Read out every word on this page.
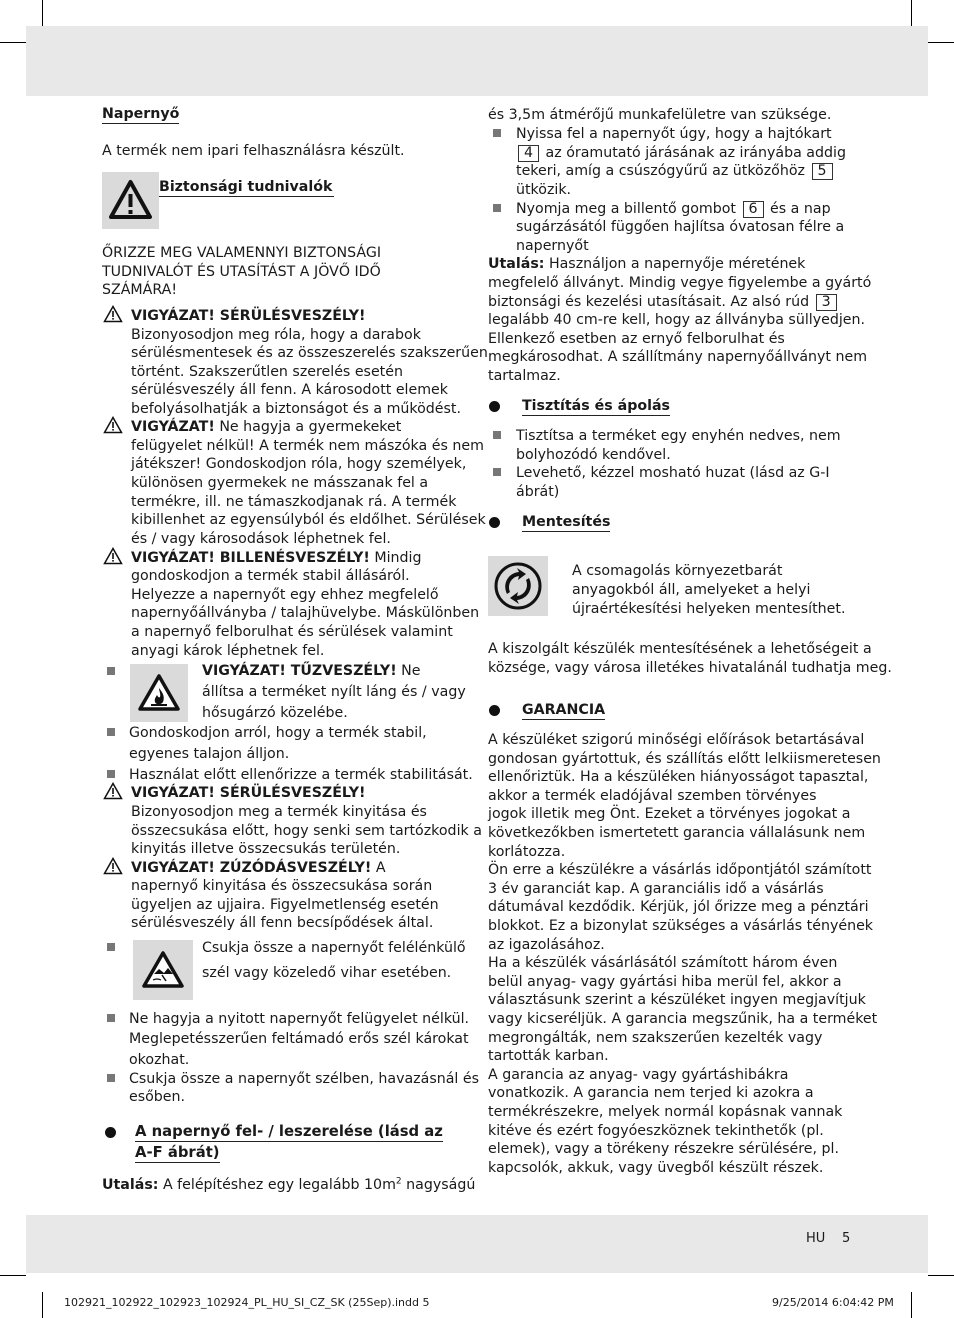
Napernyő
A termék nem ipari felhasználásra készült.
Biztonsági tudnivalók
ŐRIZZE MEG VALAMENNYI BIZTONSÁGI
TUDNIVALÓT ÉS UTASÍTÁST A JÖVŐ IDŐ
SZÁMÁRA!
VIGYÁZAT! SÉRÜLÉSVESZÉLY!
Bizonyosodjon meg róla, hogy a darabok
sérülésmentesek és az összeszerelés szakszerűen
történt. Szakszerűtlen szerelés esetén
sérülésveszély áll fenn. A károsodott elemek
befolyásolhatják a biztonságot és a működést.
VIGYÁZAT! Ne hagyja a gyermekeket
felügyelet nélkül! A termék nem mászóka és nem
játékszer! Gondoskodjon róla, hogy személyek,
különösen gyermekek ne másszanak fel a
termékre, ill. ne támaszkodjanak rá. A termék
kibillenhet az egyensúlyból és eldőlhet. Sérülések
és / vagy károsodások léphetnek fel.
VIGYÁZAT! BILLENÉSVESZÉLY! Mindig
gondoskodjon a termék stabil állásáról.
Helyezze a napernyőt egy ehhez megfelelő
napernyőállványba / talajhüvelybe. Máskülönben
a napernyő felborulhat és sérülések valamint
anyagi károk léphetnek fel.
VIGYÁZAT! TŰZVESZÉLY! Ne
állítsa a terméket nyílt láng és / vagy
hősugárzó közelébe.
Gondoskodjon arról, hogy a termék stabil,
egyenes talajon álljon.
Használat előtt ellenőrizze a termék stabilitását.
VIGYÁZAT! SÉRÜLÉSVESZÉLY!
Bizonyosodjon meg a termék kinyitása és
összecsukása előtt, hogy senki sem tartózkodik a
kinyitás illetve összecsukás területén.
VIGYÁZAT! ZÚZÓDÁSVESZÉLY! A
napernyő kinyitása és összecsukása során
ügyeljen az ujjaira. Figyelmetlenség esetén
sérülésveszély áll fenn becsípődések által.
Csukja össze a napernyőt felélénkülő
szél vagy közeledő vihar esetében.
Ne hagyja a nyitott napernyőt felügyelet nélkül.
Meglepetésszerűen feltámadó erős szél károkat
okozhat.
Csukja össze a napernyőt szélben, havazásnál és
esőben.
A napernyő fel- / leszerelése (lásd az
A-F ábrát)
Utalás: A felépítéshez egy legalább $10m^2$ nagyságú
és 3,5m átmérőjű munkafelületre van szüksége.
Nyissa fel a napernyőt úgy, hogy a hajtókart
4 az óramutató járásának az irányába addig
tekeri, amíg a csúszógyűrű az ütközőhöz 5
ütközik.
Nyomja meg a billentő gombot 6 és a nap
sugárzásától függően hajlítsa óvatosan félre a
napernyőt
Utalás: Használjon a napernyője méretének
megfelelő állványt. Mindig vegye figyelembe a gyártó
biztonsági és kezelési utasításait. Az alsó rúd 3
legalább 40 cm-re kell, hogy az állványba süllyedjen.
Ellenkező esetben az ernyő felborulhat és
megkárosodhat. A szállítmány napernyőállványt nem
tartalmaz.
Tisztítás és ápolás
Tisztítsa a terméket egy enyhén nedves, nem
bolyhozódó kendővel.
Levehető, kézzel mosható huzat (lásd az G-I
ábrát)
Mentesítés
A csomagolás környezetbarát
anyagokból áll, amelyeket a helyi
újraértékesítési helyeken mentesíthet.
A kiszolgált készülék mentesítésének a lehetőségeit a
községe, vagy városa illetékes hivatalánál tudhatja meg.
GARANCIA
A készüléket szigorú minőségi előírások betartásával
gondosan gyártottuk, és szállítás előtt lelkiismeretesen
ellenőriztük. Ha a készüléken hiányosságot tapasztal,
akkor a termék eladójával szemben törvényes
jogok illetik meg Önt. Ezeket a törvényes jogokat a
következőkben ismertetett garancia vállalásunk nem
korlátozza.
Ön erre a készülékre a vásárlás időpontjától számított
3 év garanciát kap. A garanciális idő a vásárlás
dátumával kezdődik. Kérjük, jól őrizze meg a pénztári
blokkot. Ez a bizonylat szükséges a vásárlás tényének
az igazolásához.
Ha a készülék vásárlásától számított három éven
belül anyag- vagy gyártási hiba merül fel, akkor a
választásunk szerint a készüléket ingyen megjavítjuk
vagy kicseréljük. A garancia megszűnik, ha a terméket
megrongálták, nem szakszerűen kezelték vagy
tartották karban.
A garancia az anyag- vagy gyártáshibákra
vonatkozik. A garancia nem terjed ki azokra a
termékrészekre, melyek normál kopásnak vannak
kitéve és ezért fogyóeszköznek tekinthetők (pl.
elemek), vagy a törékeny részekre sérülésére, pl.
kapcsolók, akkuk, vagy üvegből készült részek.
HU 5
102921_102922_102923_102924_PL_HU_SI_CZ_SK (25Sep).indd 5	9/25/2014 6:04:42 PM
